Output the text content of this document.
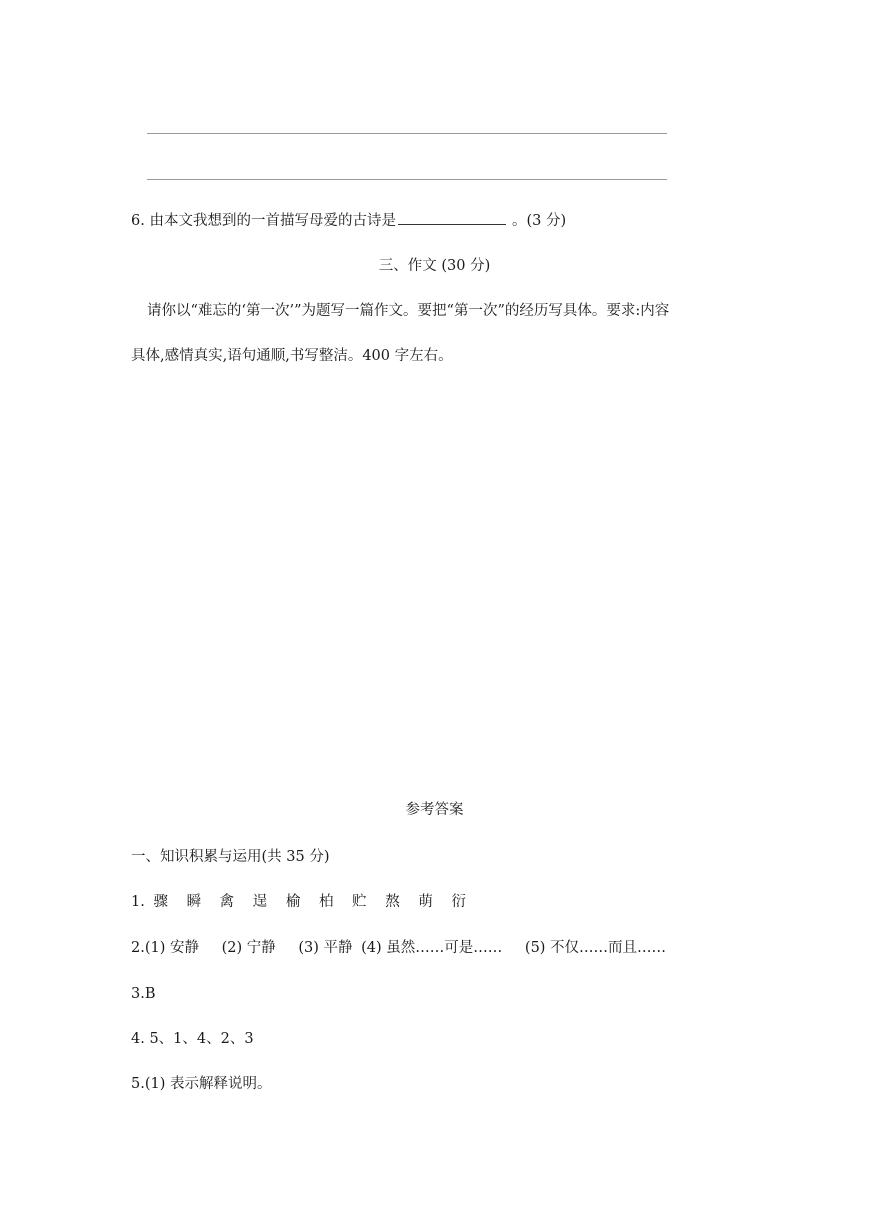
6. 由本文我想到的一首描写母爱的古诗是	。(3 分)
三、作文 (30 分)
请你以“难忘的‘第一次’”为题写一篇作文。要把“第一次”的经历写具体。要求:内容
具体,感情真实,语句通顺,书写整洁。400 字左右。
参考答案
一、知识积累与运用(共 35 分)
1. 骤 瞬 禽 逞 榆 柏 贮 熬 萌 衍
2.(1) 安静 (2) 宁静 (3) 平静 (4) 虽然……可是…… (5) 不仅……而且……
3.B
4. 5、1、4、2、3
5.(1) 表示解释说明。
